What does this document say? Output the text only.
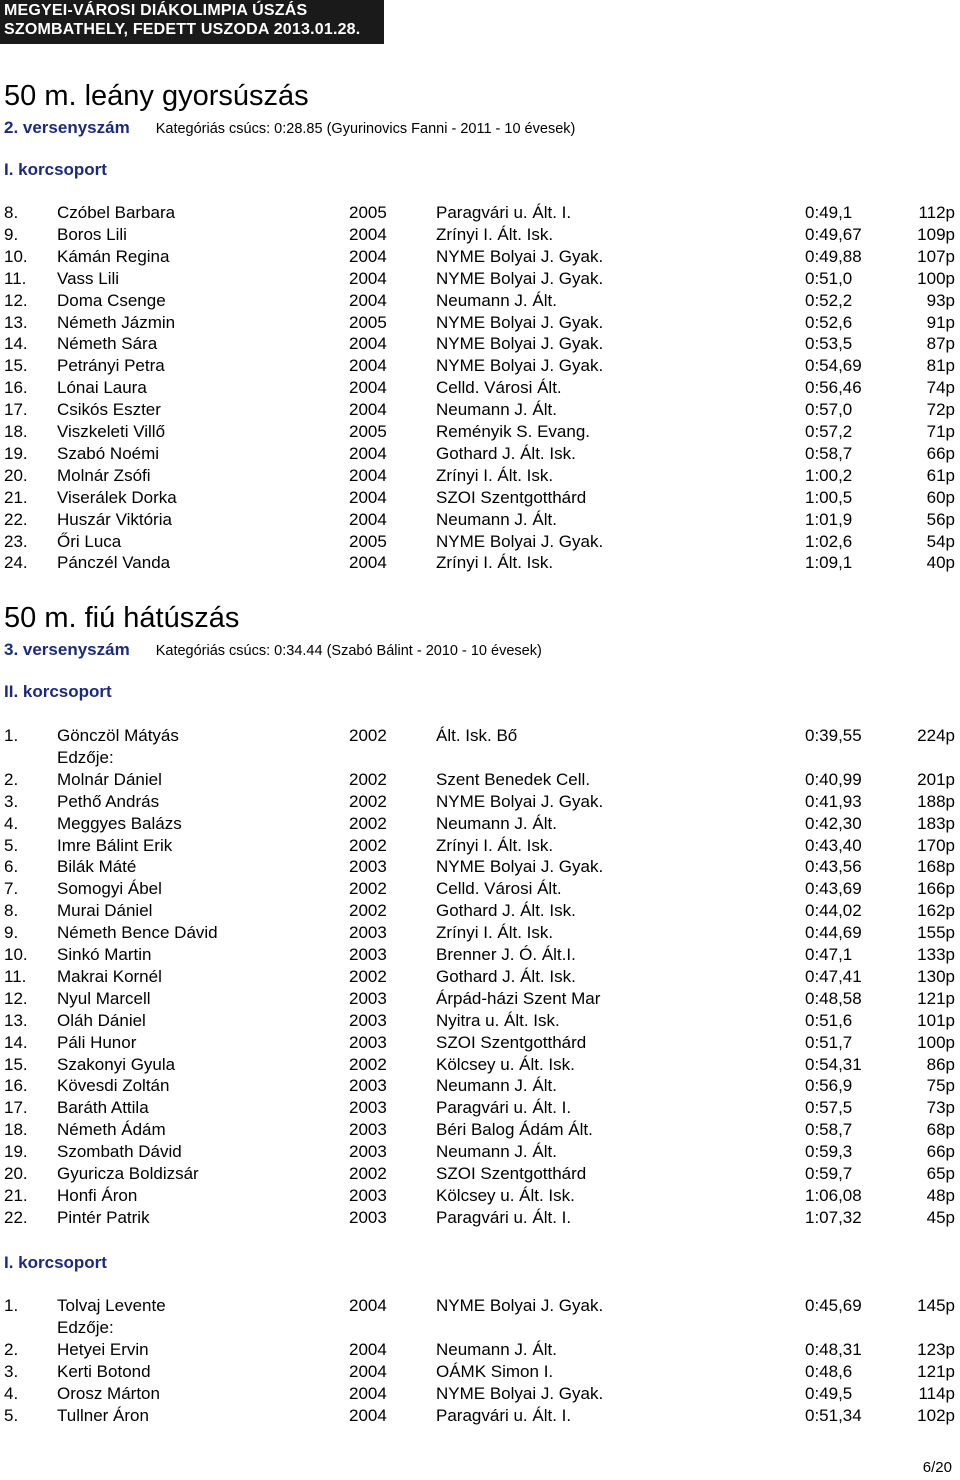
MEGYEI-VÁROSI DIÁKOLIMPIA ÚSZÁS
SZOMBATHELY, FEDETT USZODA 2013.01.28.
50 m. leány gyorsúszás
2. versenyszám Kategóriás csúcs: 0:28.85 (Gyurinovics Fanni - 2011 - 10 évesek)
I. korcsoport
8. Czóbel Barbara	2005	Paragvári u. Ált. I.	0:49,1	112p
9. Boros Lili	2004	Zrínyi I. Ált. Isk.	0:49,67	109p
10. Kámán Regina	2004	NYME Bolyai J. Gyak.	0:49,88	107p
11. Vass Lili	2004	NYME Bolyai J. Gyak.	0:51,0	100p
12. Doma Csenge	2004	Neumann J. Ált.	0:52,2	93p
13. Németh Jázmin	2005	NYME Bolyai J. Gyak.	0:52,6	91p
14. Németh Sára	2004	NYME Bolyai J. Gyak.	0:53,5	87p
15. Petrányi Petra	2004	NYME Bolyai J. Gyak.	0:54,69	81p
16. Lónai Laura	2004	Celld. Városi Ált.	0:56,46	74p
17. Csikós Eszter	2004	Neumann J. Ált.	0:57,0	72p
18. Viszkeleti Villő	2005	Reményik S. Evang.	0:57,2	71p
19. Szabó Noémi	2004	Gothard J. Ált. Isk.	0:58,7	66p
20. Molnár Zsófi	2004	Zrínyi I. Ált. Isk.	1:00,2	61p
21. Viserálek Dorka	2004	SZOI Szentgotthárd	1:00,5	60p
22. Huszár Viktória	2004	Neumann J. Ált.	1:01,9	56p
23. Őri Luca	2005	NYME Bolyai J. Gyak.	1:02,6	54p
24. Pánczél Vanda	2004	Zrínyi I. Ált. Isk.	1:09,1	40p
50 m. fiú hátúszás
3. versenyszám Kategóriás csúcs: 0:34.44 (Szabó Bálint - 2010 - 10 évesek)
II. korcsoport
1. Gönczöl Mátyás	2002	Ált. Isk. Bő	0:39,55	224p
Edzője:
2. Molnár Dániel	2002	Szent Benedek Cell.	0:40,99	201p
3. Pethő András	2002	NYME Bolyai J. Gyak.	0:41,93	188p
4. Meggyes Balázs	2002	Neumann J. Ált.	0:42,30	183p
5. Imre Bálint Erik	2002	Zrínyi I. Ált. Isk.	0:43,40	170p
6. Bilák Máté	2003	NYME Bolyai J. Gyak.	0:43,56	168p
7. Somogyi Ábel	2002	Celld. Városi Ált.	0:43,69	166p
8. Murai Dániel	2002	Gothard J. Ált. Isk.	0:44,02	162p
9. Németh Bence Dávid	2003	Zrínyi I. Ált. Isk.	0:44,69	155p
10. Sinkó Martin	2003	Brenner J. Ó. Ált.I.	0:47,1	133p
11. Makrai Kornél	2002	Gothard J. Ált. Isk.	0:47,41	130p
12. Nyul Marcell	2003	Árpád-házi Szent Mar	0:48,58	121p
13. Oláh Dániel	2003	Nyitra u. Ált. Isk.	0:51,6	101p
14. Páli Hunor	2003	SZOI Szentgotthárd	0:51,7	100p
15. Szakonyi Gyula	2002	Kölcsey u. Ált. Isk.	0:54,31	86p
16. Kövesdi Zoltán	2003	Neumann J. Ált.	0:56,9	75p
17. Baráth Attila	2003	Paragvári u. Ált. I.	0:57,5	73p
18. Németh Ádám	2003	Béri Balog Ádám Ált.	0:58,7	68p
19. Szombath Dávid	2003	Neumann J. Ált.	0:59,3	66p
20. Gyuricza Boldizsár	2002	SZOI Szentgotthárd	0:59,7	65p
21. Honfi Áron	2003	Kölcsey u. Ált. Isk.	1:06,08	48p
22. Pintér Patrik	2003	Paragvári u. Ált. I.	1:07,32	45p
I. korcsoport
1. Tolvaj Levente	2004	NYME Bolyai J. Gyak.	0:45,69	145p
Edzője:
2. Hetyei Ervin	2004	Neumann J. Ált.	0:48,31	123p
3. Kerti Botond	2004	OÁMK Simon I.	0:48,6	121p
4. Orosz Márton	2004	NYME Bolyai J. Gyak.	0:49,5	114p
5. Tullner Áron	2004	Paragvári u. Ált. I.	0:51,34	102p
6/20
